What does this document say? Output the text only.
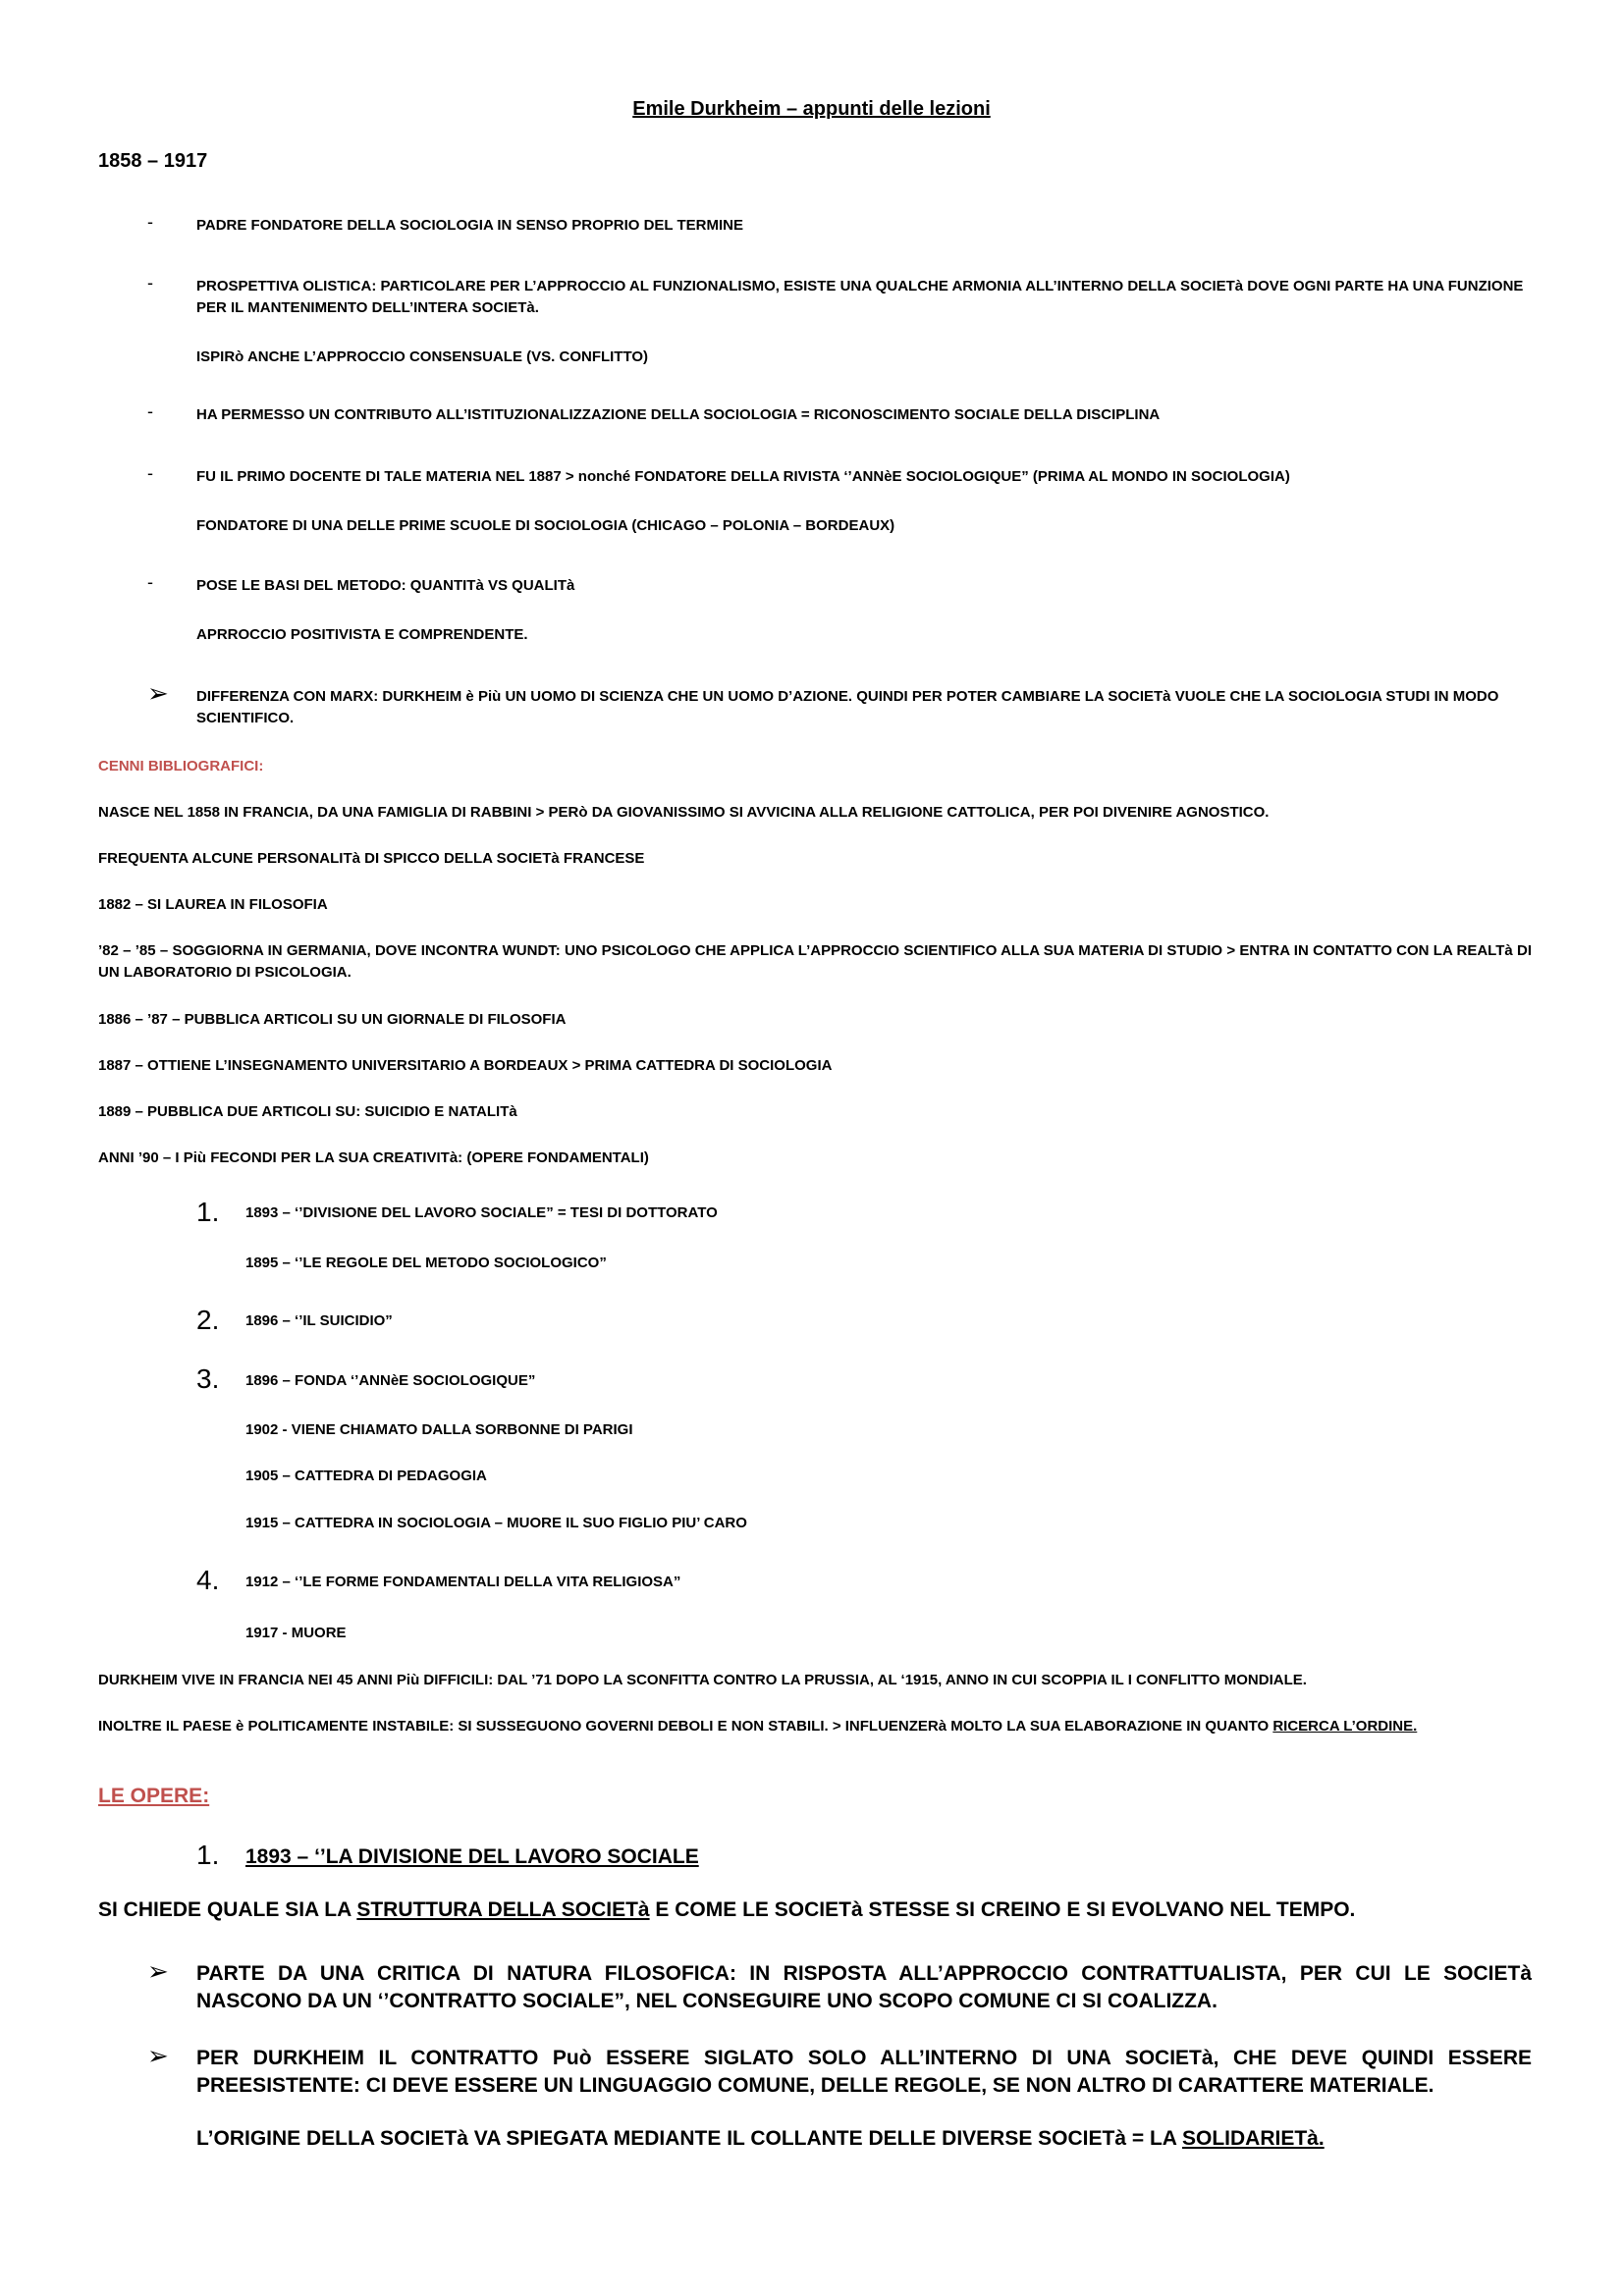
Emile Durkheim – appunti delle lezioni

1858 – 1917

-	PADRE FONDATORE DELLA SOCIOLOGIA IN SENSO PROPRIO DEL TERMINE

-	PROSPETTIVA OLISTICA: PARTICOLARE PER L’APPROCCIO AL FUNZIONALISMO, ESISTE UNA QUALCHE ARMONIA ALL’INTERNO DELLA SOCIETà DOVE OGNI PARTE HA UNA FUNZIONE PER IL MANTENIMENTO DELL’INTERA SOCIETà.

ISPIRò ANCHE L’APPROCCIO CONSENSUALE (VS. CONFLITTO)

-	HA PERMESSO UN CONTRIBUTO ALL’ISTITUZIONALIZZAZIONE DELLA SOCIOLOGIA = RICONOSCIMENTO SOCIALE DELLA DISCIPLINA

-	FU IL PRIMO DOCENTE DI TALE MATERIA NEL 1887 > nonché FONDATORE DELLA RIVISTA ‘’ANNèE SOCIOLOGIQUE” (PRIMA AL MONDO IN SOCIOLOGIA)

FONDATORE DI UNA DELLE PRIME SCUOLE DI SOCIOLOGIA (CHICAGO – POLONIA – BORDEAUX)

-	POSE LE BASI DEL METODO: QUANTITà VS QUALITà

APRROCCIO POSITIVISTA E COMPRENDENTE.

➢ DIFFERENZA CON MARX: DURKHEIM è Più UN UOMO DI SCIENZA CHE UN UOMO D’AZIONE. QUINDI PER POTER CAMBIARE LA SOCIETà VUOLE CHE LA SOCIOLOGIA STUDI IN MODO SCIENTIFICO.

CENNI BIBLIOGRAFICI:

NASCE NEL 1858 IN FRANCIA, DA UNA FAMIGLIA DI RABBINI > PERò DA GIOVANISSIMO SI AVVICINA ALLA RELIGIONE CATTOLICA, PER POI DIVENIRE AGNOSTICO.

FREQUENTA ALCUNE PERSONALITà DI SPICCO DELLA SOCIETà FRANCESE

1882 – SI LAUREA IN FILOSOFIA

’82 – ’85 – SOGGIORNA IN GERMANIA, DOVE INCONTRA WUNDT: UNO PSICOLOGO CHE APPLICA L’APPROCCIO SCIENTIFICO ALLA SUA MATERIA DI STUDIO > ENTRA IN CONTATTO CON LA REALTà DI UN LABORATORIO DI PSICOLOGIA.

1886 – ’87 – PUBBLICA ARTICOLI SU UN GIORNALE DI FILOSOFIA

1887 – OTTIENE L’INSEGNAMENTO UNIVERSITARIO A BORDEAUX > PRIMA CATTEDRA DI SOCIOLOGIA

1889 – PUBBLICA DUE ARTICOLI SU: SUICIDIO E NATALITà

ANNI ’90 – I Più FECONDI PER LA SUA CREATIVITà: (OPERE FONDAMENTALI)

1. 1893 – ‘’DIVISIONE DEL LAVORO SOCIALE” = TESI DI DOTTORATO

1895 – ‘’LE REGOLE DEL METODO SOCIOLOGICO”

2. 1896 – ‘’IL SUICIDIO”

3. 1896 – FONDA ‘’ANNèE SOCIOLOGIQUE”

1902 - VIENE CHIAMATO DALLA SORBONNE DI PARIGI

1905 – CATTEDRA DI PEDAGOGIA

1915 – CATTEDRA IN SOCIOLOGIA – MUORE IL SUO FIGLIO PIU’ CARO

4. 1912 – ‘’LE FORME FONDAMENTALI DELLA VITA RELIGIOSA”

1917 - MUORE

DURKHEIM VIVE IN FRANCIA NEI 45 ANNI Più DIFFICILI: DAL ’71 DOPO LA SCONFITTA CONTRO LA PRUSSIA, AL ‘1915, ANNO IN CUI SCOPPIA IL I CONFLITTO MONDIALE.

INOLTRE IL PAESE è POLITICAMENTE INSTABILE: SI SUSSEGUONO GOVERNI DEBOLI E NON STABILI. > INFLUENZERà MOLTO LA SUA ELABORAZIONE IN QUANTO RICERCA L’ORDINE.

LE OPERE:

1. 1893 – ‘’LA DIVISIONE DEL LAVORO SOCIALE

SI CHIEDE QUALE SIA LA STRUTTURA DELLA SOCIETà E COME LE SOCIETà STESSE SI CREINO E SI EVOLVANO NEL TEMPO.

➢ PARTE DA UNA CRITICA DI NATURA FILOSOFICA: IN RISPOSTA ALL’APPROCCIO CONTRATTUALISTA, PER CUI LE SOCIETà NASCONO DA UN ‘’CONTRATTO SOCIALE”, NEL CONSEGUIRE UNO SCOPO COMUNE CI SI COALIZZA.

➢ PER DURKHEIM IL CONTRATTO Può ESSERE SIGLATO SOLO ALL’INTERNO DI UNA SOCIETà, CHE DEVE QUINDI ESSERE PREESISTENTE: CI DEVE ESSERE UN LINGUAGGIO COMUNE, DELLE REGOLE, SE NON ALTRO DI CARATTERE MATERIALE.

L’ORIGINE DELLA SOCIETà VA SPIEGATA MEDIANTE IL COLLANTE DELLE DIVERSE SOCIETà = LA SOLIDARIETà.
